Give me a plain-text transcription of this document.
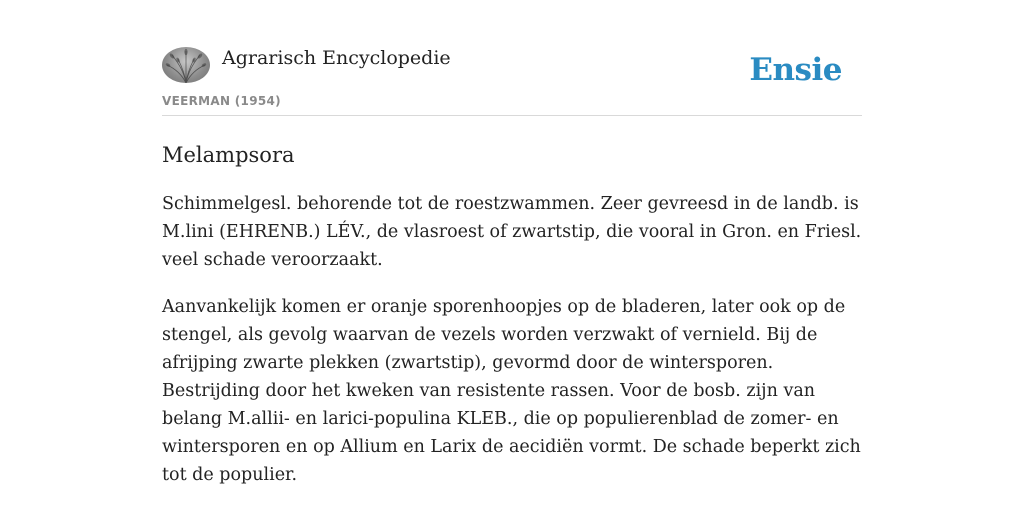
Agrarisch Encyclopedie
VEERMAN (1954)
Ensie
Melampsora

Schimmelgesl. behorende tot de roestzwammen. Zeer gevreesd in de landb. is M.lini (EHRENB.) LÉV., de vlasroest of zwartstip, die vooral in Gron. en Friesl. veel schade veroorzaakt.

Aanvankelijk komen er oranje sporenhoopjes op de bladeren, later ook op de stengel, als gevolg waarvan de vezels worden verzwakt of vernield. Bij de afrijping zwarte plekken (zwartstip), gevormd door de wintersporen. Bestrijding door het kweken van resistente rassen. Voor de bosb. zijn van belang M.allii- en larici-populina KLEB., die op populierenblad de zomer- en wintersporen en op Allium en Larix de aecidiën vormt. De schade beperkt zich tot de populier.
